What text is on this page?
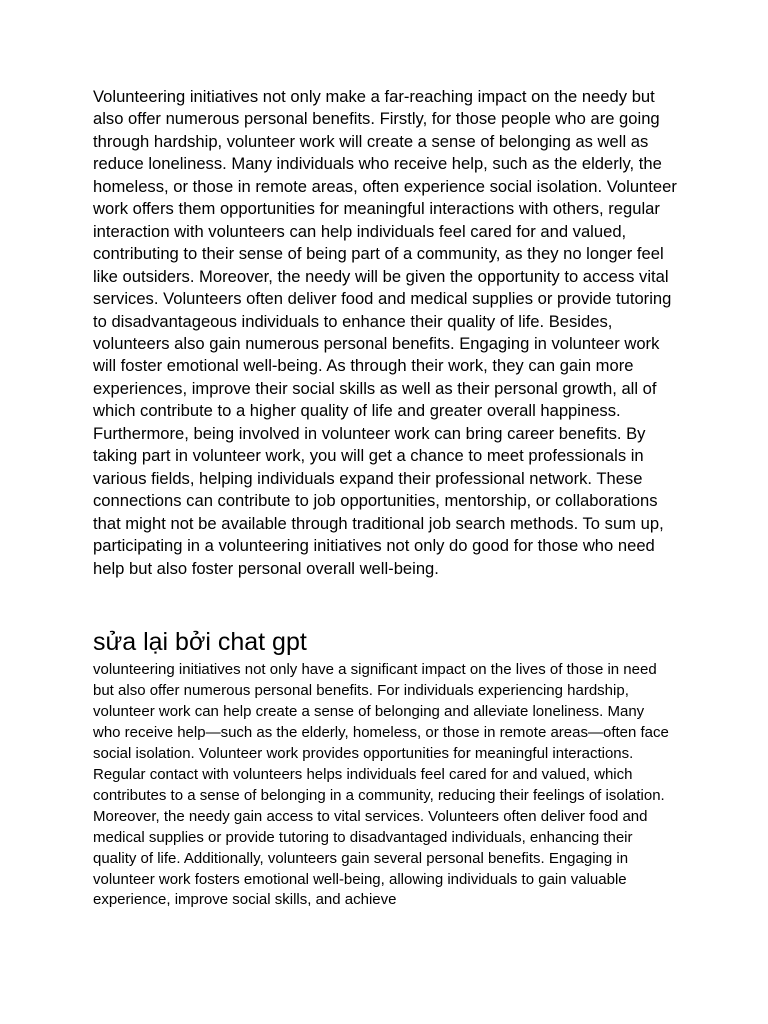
Volunteering initiatives not only make a far-reaching impact on the needy but also offer numerous personal benefits. Firstly, for those people who are going through hardship, volunteer work will create a sense of belonging as well as reduce loneliness. Many individuals who receive help, such as the elderly, the homeless, or those in remote areas, often experience social isolation. Volunteer work offers them opportunities for meaningful interactions with others, regular interaction with volunteers can help individuals feel cared for and valued, contributing to their sense of being part of a community, as they no longer feel like outsiders. Moreover, the needy will be given the opportunity to access vital services. Volunteers often deliver food and medical supplies or provide tutoring to disadvantageous individuals to enhance their quality of life. Besides, volunteers also gain numerous personal benefits. Engaging in volunteer work will foster emotional well-being. As through their work, they can gain more experiences, improve their social skills as well as their personal growth, all of which contribute to a higher quality of life and greater overall happiness. Furthermore, being involved in volunteer work can bring career benefits. By taking part in volunteer work, you will get a chance to meet professionals in various fields, helping individuals expand their professional network. These connections can contribute to job opportunities, mentorship, or collaborations that might not be available through traditional job search methods. To sum up, participating in a volunteering initiatives not only do good for those who need help but also foster personal overall well-being.

sửa lại bởi chat gpt

volunteering initiatives not only have a significant impact on the lives of those in need but also offer numerous personal benefits. For individuals experiencing hardship, volunteer work can help create a sense of belonging and alleviate loneliness. Many who receive help—such as the elderly, homeless, or those in remote areas—often face social isolation. Volunteer work provides opportunities for meaningful interactions. Regular contact with volunteers helps individuals feel cared for and valued, which contributes to a sense of belonging in a community, reducing their feelings of isolation. Moreover, the needy gain access to vital services. Volunteers often deliver food and medical supplies or provide tutoring to disadvantaged individuals, enhancing their quality of life. Additionally, volunteers gain several personal benefits. Engaging in volunteer work fosters emotional well-being, allowing individuals to gain valuable experience, improve social skills, and achieve
